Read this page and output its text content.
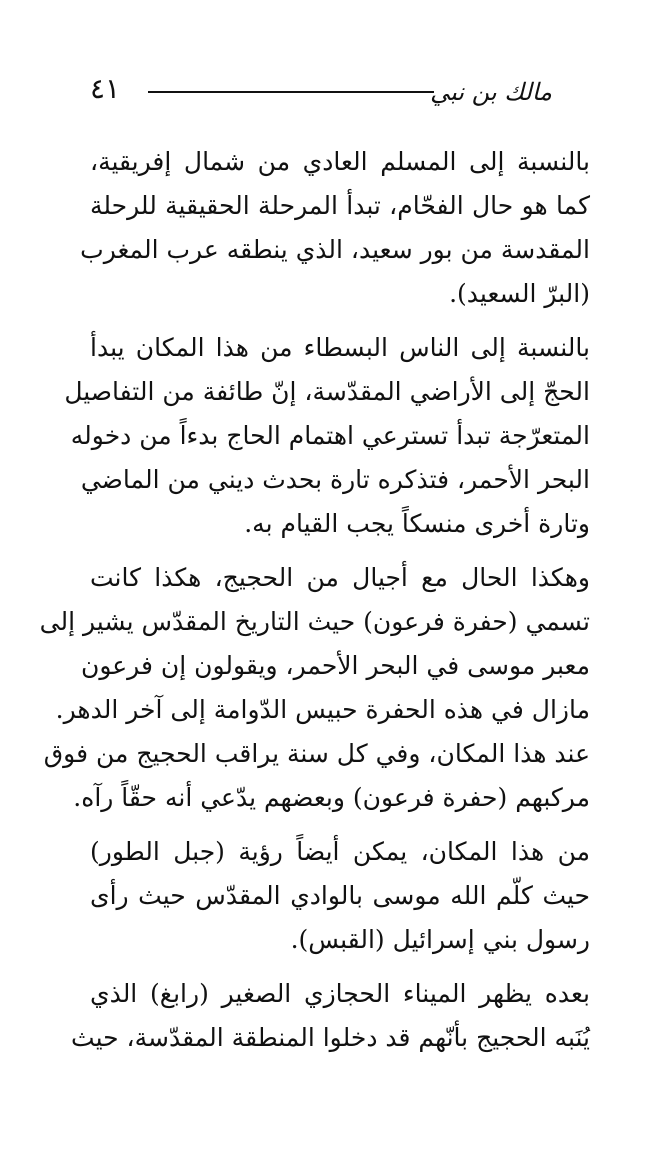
مالك بن نبي
٤١
بالنسبة إلى المسلم العادي من شمال إفريقية،
كما هو حال الفحّام، تبدأ المرحلة الحقيقية للرحلة
المقدسة من بور سعيد، الذي ينطقه عرب المغرب
(البرّ السعيد).
بالنسبة إلى الناس البسطاء من هذا المكان يبدأ
الحجّ إلى الأراضي المقدّسة، إنّ طائفة من التفاصيل
المتعرّجة تبدأ تسترعي اهتمام الحاج بدءاً من دخوله
البحر الأحمر، فتذكره تارة بحدث ديني من الماضي
وتارة أخرى منسكاً يجب القيام به.
وهكذا الحال مع أجيال من الحجيج، هكذا كانت
تسمي (حفرة فرعون) حيث التاريخ المقدّس يشير إلى
معبر موسى في البحر الأحمر، ويقولون إن فرعون
مازال في هذه الحفرة حبيس الدّوامة إلى آخر الدهر.
عند هذا المكان، وفي كل سنة يراقب الحجيج من فوق
مركبهم (حفرة فرعون) وبعضهم يدّعي أنه حقّاً رآه.
من هذا المكان، يمكن أيضاً رؤية (جبل الطور)
حيث كلّم الله موسى بالوادي المقدّس حيث رأى
رسول بني إسرائيل (القبس).
بعده يظهر الميناء الحجازي الصغير (رابغ) الذي
يُنَبه الحجيج بأنّهم قد دخلوا المنطقة المقدّسة، حيث
